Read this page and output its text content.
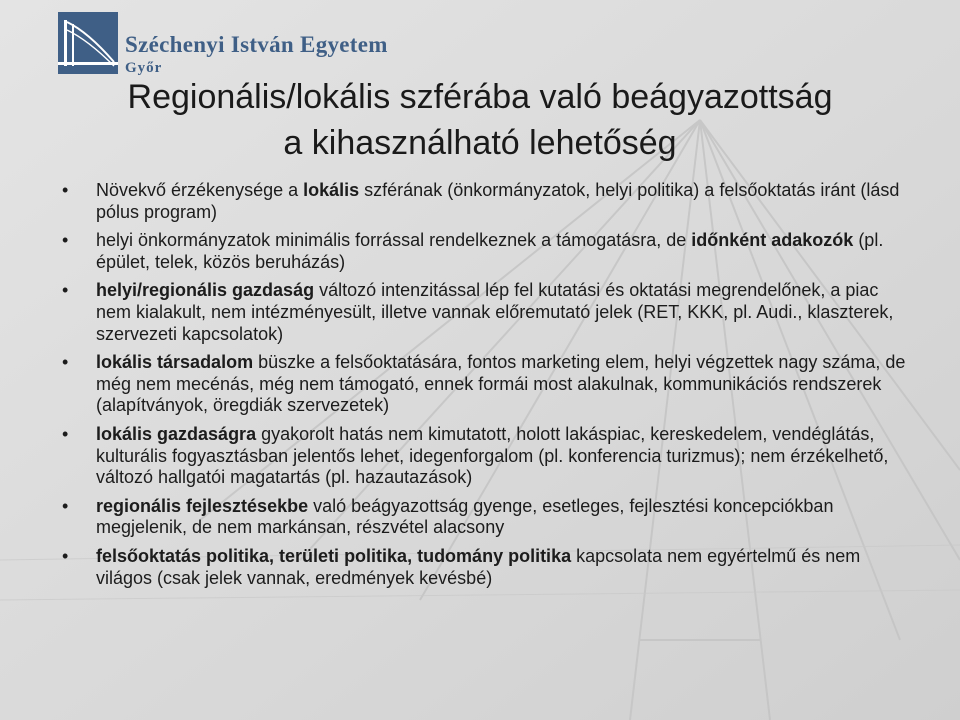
Széchenyi István Egyetem
Győr
Regionális/lokális szférába való beágyazottság
a kihasználható lehetőség
• Növekvő érzékenysége a lokális szférának (önkormányzatok, helyi politika) a felsőoktatás iránt (lásd pólus program)
• helyi önkormányzatok minimális forrással rendelkeznek a támogatásra, de időnként adakozók (pl. épület, telek, közös beruházás)
• helyi/regionális gazdaság változó intenzitással lép fel kutatási és oktatási megrendelőnek, a piac nem kialakult, nem intézményesült, illetve vannak előremutató jelek (RET, KKK, pl. Audi., klaszterek, szervezeti kapcsolatok)
• lokális társadalom büszke a felsőoktatására, fontos marketing elem, helyi végzettek nagy száma, de még nem mecénás, még nem támogató, ennek formái most alakulnak, kommunikációs rendszerek (alapítványok, öregdiák szervezetek)
• lokális gazdaságra gyakorolt hatás nem kimutatott, holott lakáspiac, kereskedelem, vendéglátás, kulturális fogyasztásban jelentős lehet, idegenforgalom (pl. konferencia turizmus); nem érzékelhető, változó hallgatói magatartás (pl. hazautazások)
• regionális fejlesztésekbe való beágyazottság gyenge, esetleges, fejlesztési koncepciókban megjelenik, de nem markánsan, részvétel alacsony
• felsőoktatás politika, területi politika, tudomány politika kapcsolata nem egyértelmű és nem világos (csak jelek vannak, eredmények kevésbé)
